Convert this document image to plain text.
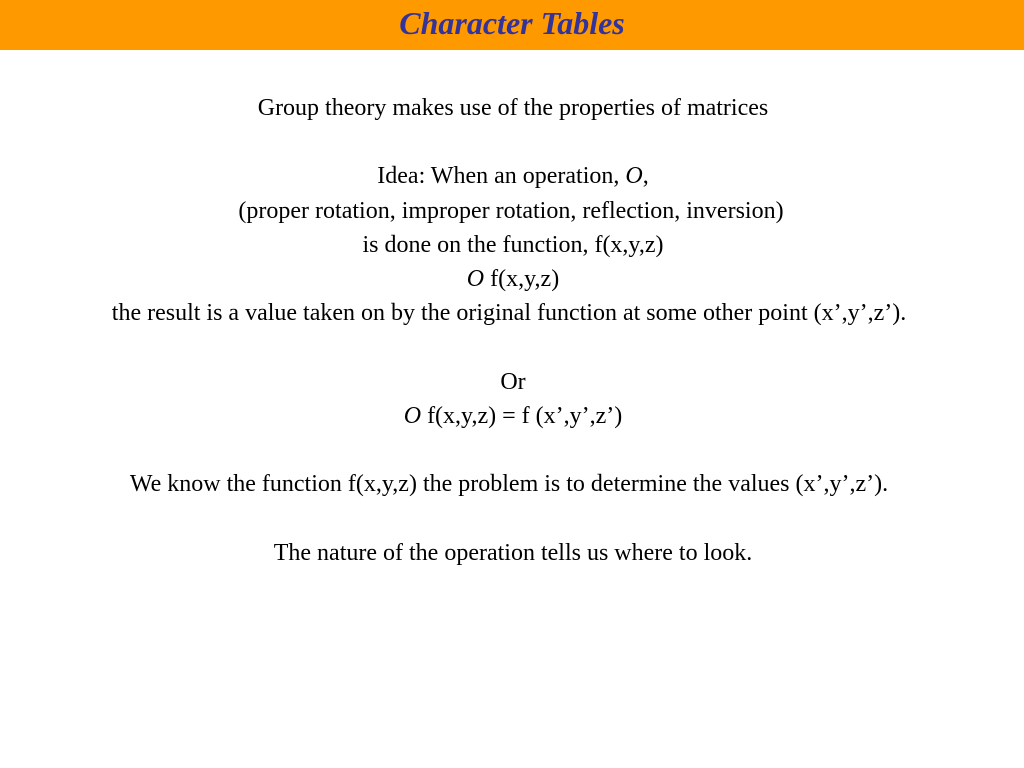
Character Tables
Group theory makes use of the properties of matrices
Idea: When an operation, O,
(proper rotation, improper rotation, reflection, inversion)
is done on the function, f(x,y,z)
O f(x,y,z)
the result is a value taken on by the original function at some other point (x’,y’,z’).
Or
O f(x,y,z) = f (x’,y’,z’)
We know the function f(x,y,z) the problem is to determine the values (x’,y’,z’).
The nature of the operation tells us where to look.
